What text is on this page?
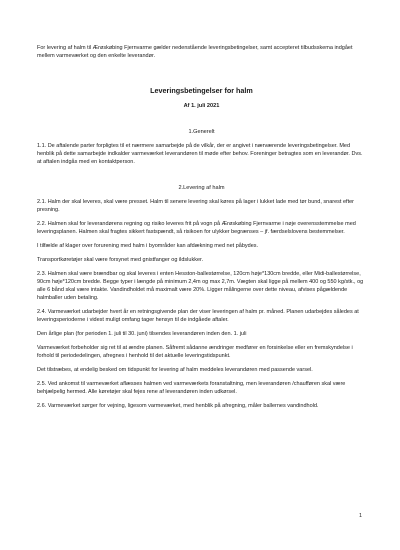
For levering af halm til Ærøskøbing Fjernvarme gælder nedenstående leveringsbetingelser, samt accepteret tilbudsskema indgået mellem varmeværket og den enkelte leverandør.

Leveringsbetingelser for halm

Af 1. juli 2021

1.Generelt

1.1. De aftalende parter forpligtes til et nærmere samarbejde på de vilkår, der er angivet i nærværende leveringsbetingelser. Med henblik på dette samarbejde indkalder varmeværket leverandøren til møde efter behov. Foreninger betragtes som en leverandør. Dvs. at aftalen indgås med en kontaktperson.

2.Levering af halm

2.1. Halm der skal leveres, skal være presset. Halm til senere levering skal køres på lager i lukket lade med tør bund, snarest efter presning.

2.2. Halmen skal for leverandørens regning og risiko leveres frit på vogn på Ærøskøbing Fjernvarme i nøje overensstemmelse med leveringsplanen. Halmen skal fragtes sikkert fastspændt, så risikoen for ulykker begrænses – jf. færdselslovens bestemmelser.

I tilfælde af klager over forurening med halm i byområder kan afdækning med net påbydes.

Transportkøretøjer skal være forsynet med gnistfanger og ildslukker.

2.3. Halmen skal være brændbar og skal leveres i enten Hesston-ballestørrelse, 120cm høje*130cm bredde, eller Midi-ballestørrelse, 90cm høje*120cm bredde. Begge typer i længde på minimum 2,4m og max 2,7m. Vægten skal ligge på mellem 400 og 550 kg/stk., og alle 6 bånd skal være intakte. Vandindholdet må maximalt være 20%. Ligger målingerne over dette niveau, afvises pågældende halmballer uden betaling.

2.4. Varmeværket udarbejder hvert år en retningsgivende plan der viser leveringen af halm pr. måned. Planen udarbejdes således at leveringsperioderne i videst muligt omfang tager hensyn til de indgåede aftaler.

Den årlige plan (for perioden 1. juli til 30. juni) tilsendes leverandøren inden den. 1. juli

Varmeværket forbeholder sig ret til at ændre planen. Såfremt sådanne ændringer medfører en forsinkelse eller en fremskyndelse i forhold til periodedelingen, afregnes i henhold til det aktuelle leveringstidspunkt.

Det tilstræbes, at endelig besked om tidspunkt for levering af halm meddeles leverandøren med passende varsel.

2.5. Ved ankomst til varmeværket aflæsses halmen ved varmeværkets foranstaltning, men leverandøren /chaufføren skal være behjælpelig hermed. Alle køretøjer skal fejes rene af leverandøren inden udkørsel.

2.6. Varmeværket sørger for vejning, ligesom varmeværket, med henblik på afregning, måler ballernes vandindhold.

1
